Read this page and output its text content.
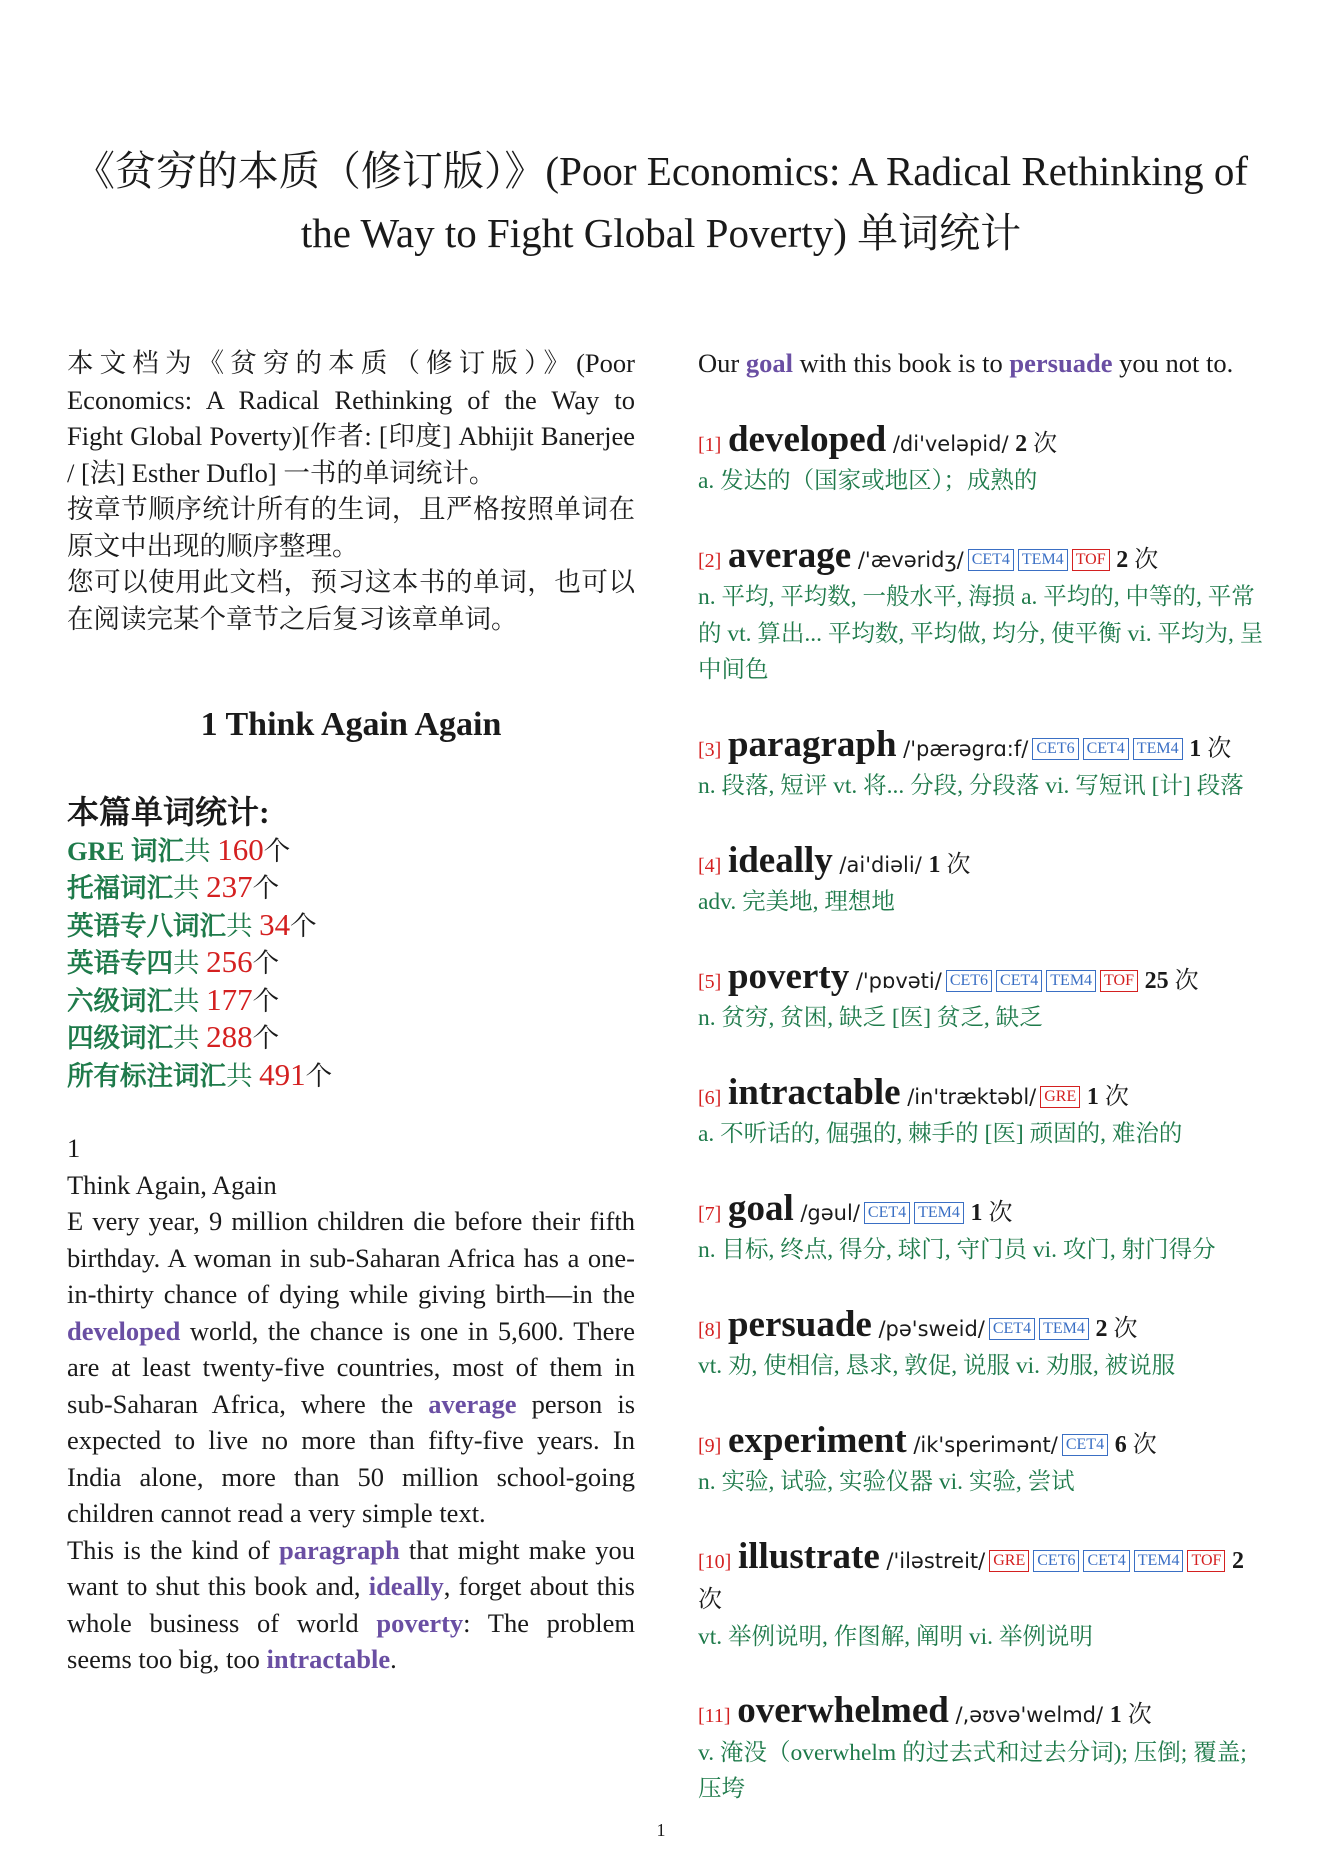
《贫穷的本质（修订版）》(Poor Economics: A Radical Rethinking of the Way to Fight Global Poverty) 单词统计
本文档为《贫穷的本质（修订版）》(Poor Economics: A Radical Rethinking of the Way to Fight Global Poverty)[作者: [印度] Abhijit Banerjee / [法] Esther Duflo] 一书的单词统计。
按章节顺序统计所有的生词，且严格按照单词在原文中出现的顺序整理。
您可以使用此文档，预习这本书的单词，也可以在阅读完某个章节之后复习该章单词。
1 Think Again Again
本篇单词统计:
GRE 词汇共 160个
托福词汇共 237个
英语专八词汇共 34个
英语专四共 256个
六级词汇共 177个
四级词汇共 288个
所有标注词汇共 491个
1
Think Again, Again
E very year, 9 million children die before their fifth birthday. A woman in sub-Saharan Africa has a one-in-thirty chance of dying while giving birth—in the developed world, the chance is one in 5,600. There are at least twenty-five countries, most of them in sub-Saharan Africa, where the average person is expected to live no more than fifty-five years. In India alone, more than 50 million school-going children cannot read a very simple text.
This is the kind of paragraph that might make you want to shut this book and, ideally, forget about this whole business of world poverty: The problem seems too big, too intractable.
Our goal with this book is to persuade you not to.
[1] developed /di'veləpid/ 2 次
a. 发达的（国家或地区）；成熟的
[2] average /'ævəridʒ/ CET4 TEM4 TOF 2 次
n. 平均, 平均数, 一般水平, 海损 a. 平均的, 中等的, 平常的 vt. 算出... 平均数, 平均做, 均分, 使平衡 vi. 平均为, 呈中间色
[3] paragraph /'pærəgrɑ:f/ CET6 CET4 TEM4 1 次
n. 段落, 短评 vt. 将... 分段, 分段落 vi. 写短讯 [计] 段落
[4] ideally /ai'diəli/ 1 次
adv. 完美地, 理想地
[5] poverty /'pɒvəti/ CET6 CET4 TEM4 TOF 25 次
n. 贫穷, 贫困, 缺乏 [医] 贫乏, 缺乏
[6] intractable /in'træktəbl/ GRE 1 次
a. 不听话的, 倔强的, 棘手的 [医] 顽固的, 难治的
[7] goal /gəul/ CET4 TEM4 1 次
n. 目标, 终点, 得分, 球门, 守门员 vi. 攻门, 射门得分
[8] persuade /pə'sweid/ CET4 TEM4 2 次
vt. 劝, 使相信, 恳求, 敦促, 说服 vi. 劝服, 被说服
[9] experiment /ik'sperimənt/ CET4 6 次
n. 实验, 试验, 实验仪器 vi. 实验, 尝试
[10] illustrate /'iləstreit/ GRE CET6 CET4 TEM4 TOF 2 次
vt. 举例说明, 作图解, 阐明 vi. 举例说明
[11] overwhelmed /,əʊvə'welmd/ 1 次
v. 淹没（overwhelm 的过去式和过去分词); 压倒; 覆盖; 压垮
1
